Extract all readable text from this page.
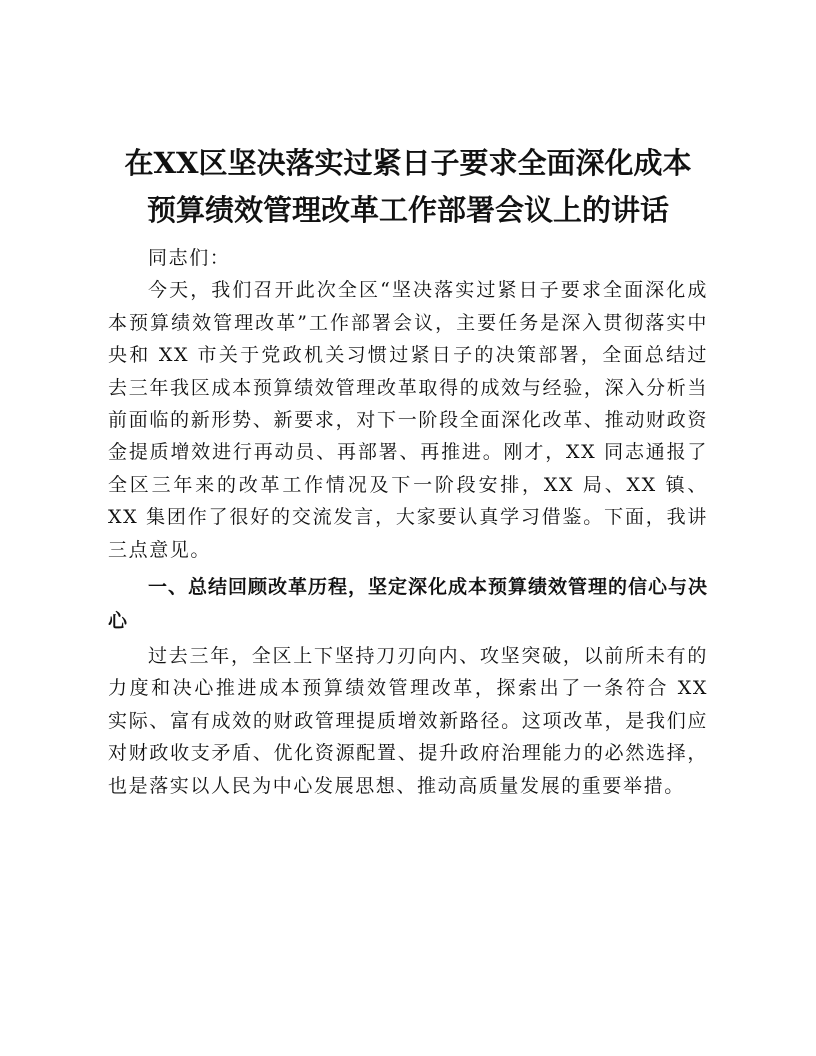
在XX区坚决落实过紧日子要求全面深化成本
预算绩效管理改革工作部署会议上的讲话

同志们：

今天，我们召开此次全区“坚决落实过紧日子要求全面深化成本预算绩效管理改革”工作部署会议，主要任务是深入贯彻落实中央和 XX 市关于党政机关习惯过紧日子的决策部署，全面总结过去三年我区成本预算绩效管理改革取得的成效与经验，深入分析当前面临的新形势、新要求，对下一阶段全面深化改革、推动财政资金提质增效进行再动员、再部署、再推进。刚才，XX 同志通报了全区三年来的改革工作情况及下一阶段安排，XX 局、XX 镇、XX 集团作了很好的交流发言，大家要认真学习借鉴。下面，我讲三点意见。

一、总结回顾改革历程，坚定深化成本预算绩效管理的信心与决心

过去三年，全区上下坚持刀刃向内、攻坚突破，以前所未有的力度和决心推进成本预算绩效管理改革，探索出了一条符合 XX 实际、富有成效的财政管理提质增效新路径。这项改革，是我们应对财政收支矛盾、优化资源配置、提升政府治理能力的必然选择，也是落实以人民为中心发展思想、推动高质量发展的重要举措。
